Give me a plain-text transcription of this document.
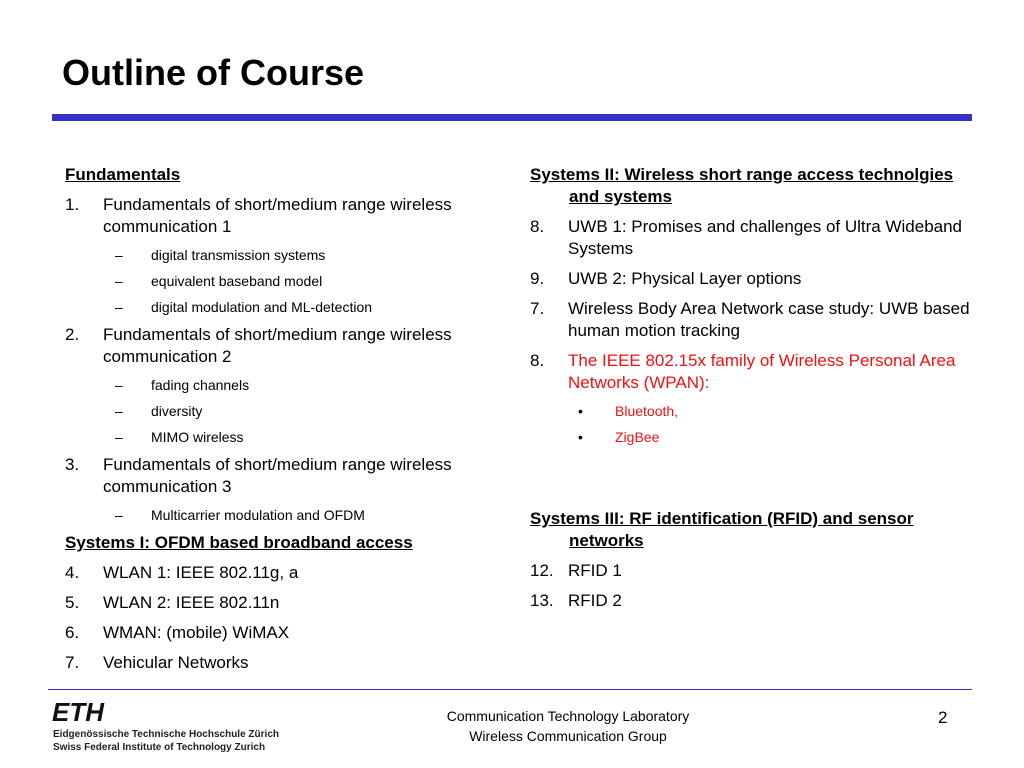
Outline of Course
Fundamentals
1.	Fundamentals of short/medium range wireless communication 1
–	digital transmission systems
–	equivalent baseband model
–	digital modulation and ML-detection
2.	Fundamentals of short/medium range wireless communication 2
–	fading channels
–	diversity
–	MIMO wireless
3.	Fundamentals of short/medium range wireless communication 3
–	Multicarrier modulation and OFDM
Systems I: OFDM based broadband access
4.	WLAN 1: IEEE 802.11g, a
5.	WLAN 2: IEEE 802.11n
6.	WMAN: (mobile) WiMAX
7.	Vehicular Networks
Systems II: Wireless short range access technolgies and systems
8.	UWB 1: Promises and challenges of Ultra Wideband Systems
9.	UWB 2: Physical Layer options
7.	Wireless Body Area Network case study: UWB based human motion tracking
8.	The IEEE 802.15x family of Wireless Personal Area Networks (WPAN):
•	Bluetooth,
•	ZigBee
Systems III: RF identification (RFID) and sensor networks
12. RFID 1
13. RFID 2
ETH
Eidgenössische Technische Hochschule Zürich
Swiss Federal Institute of Technology Zurich
Communication Technology Laboratory
Wireless Communication Group
2
